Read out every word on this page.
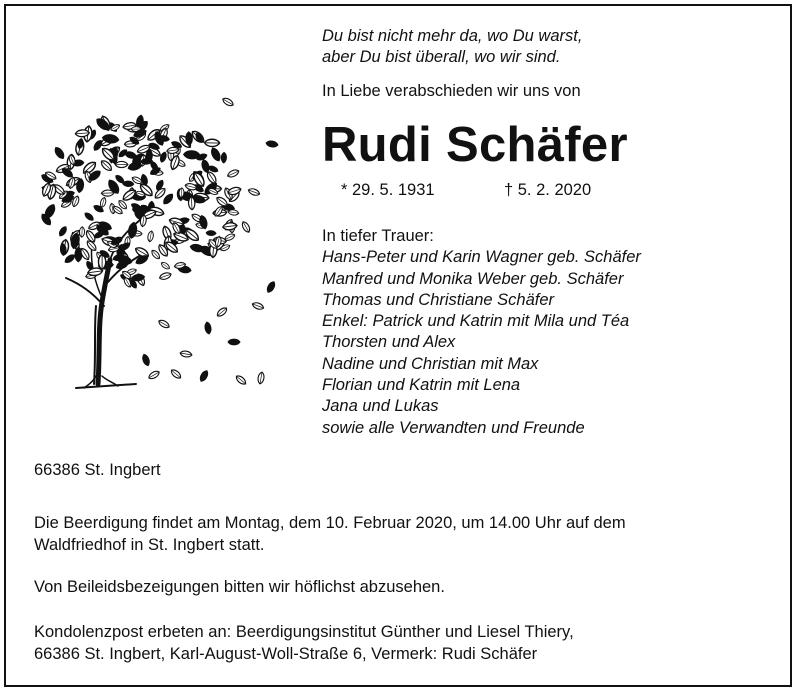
Du bist nicht mehr da, wo Du warst,
aber Du bist überall, wo wir sind.
In Liebe verabschieden wir uns von
Rudi Schäfer
* 29. 5. 1931	† 5. 2. 2020
In tiefer Trauer:
Hans-Peter und Karin Wagner geb. Schäfer
Manfred und Monika Weber geb. Schäfer
Thomas und Christiane Schäfer
Enkel: Patrick und Katrin mit Mila und Téa
Thorsten und Alex
Nadine und Christian mit Max
Florian und Katrin mit Lena
Jana und Lukas
sowie alle Verwandten und Freunde
66386 St. Ingbert
Die Beerdigung findet am Montag, dem 10. Februar 2020, um 14.00 Uhr auf dem
Waldfriedhof in St. Ingbert statt.
Von Beileidsbezeigungen bitten wir höflichst abzusehen.
Kondolenzpost erbeten an: Beerdigungsinstitut Günther und Liesel Thiery,
66386 St. Ingbert, Karl-August-Woll-Straße 6, Vermerk: Rudi Schäfer
